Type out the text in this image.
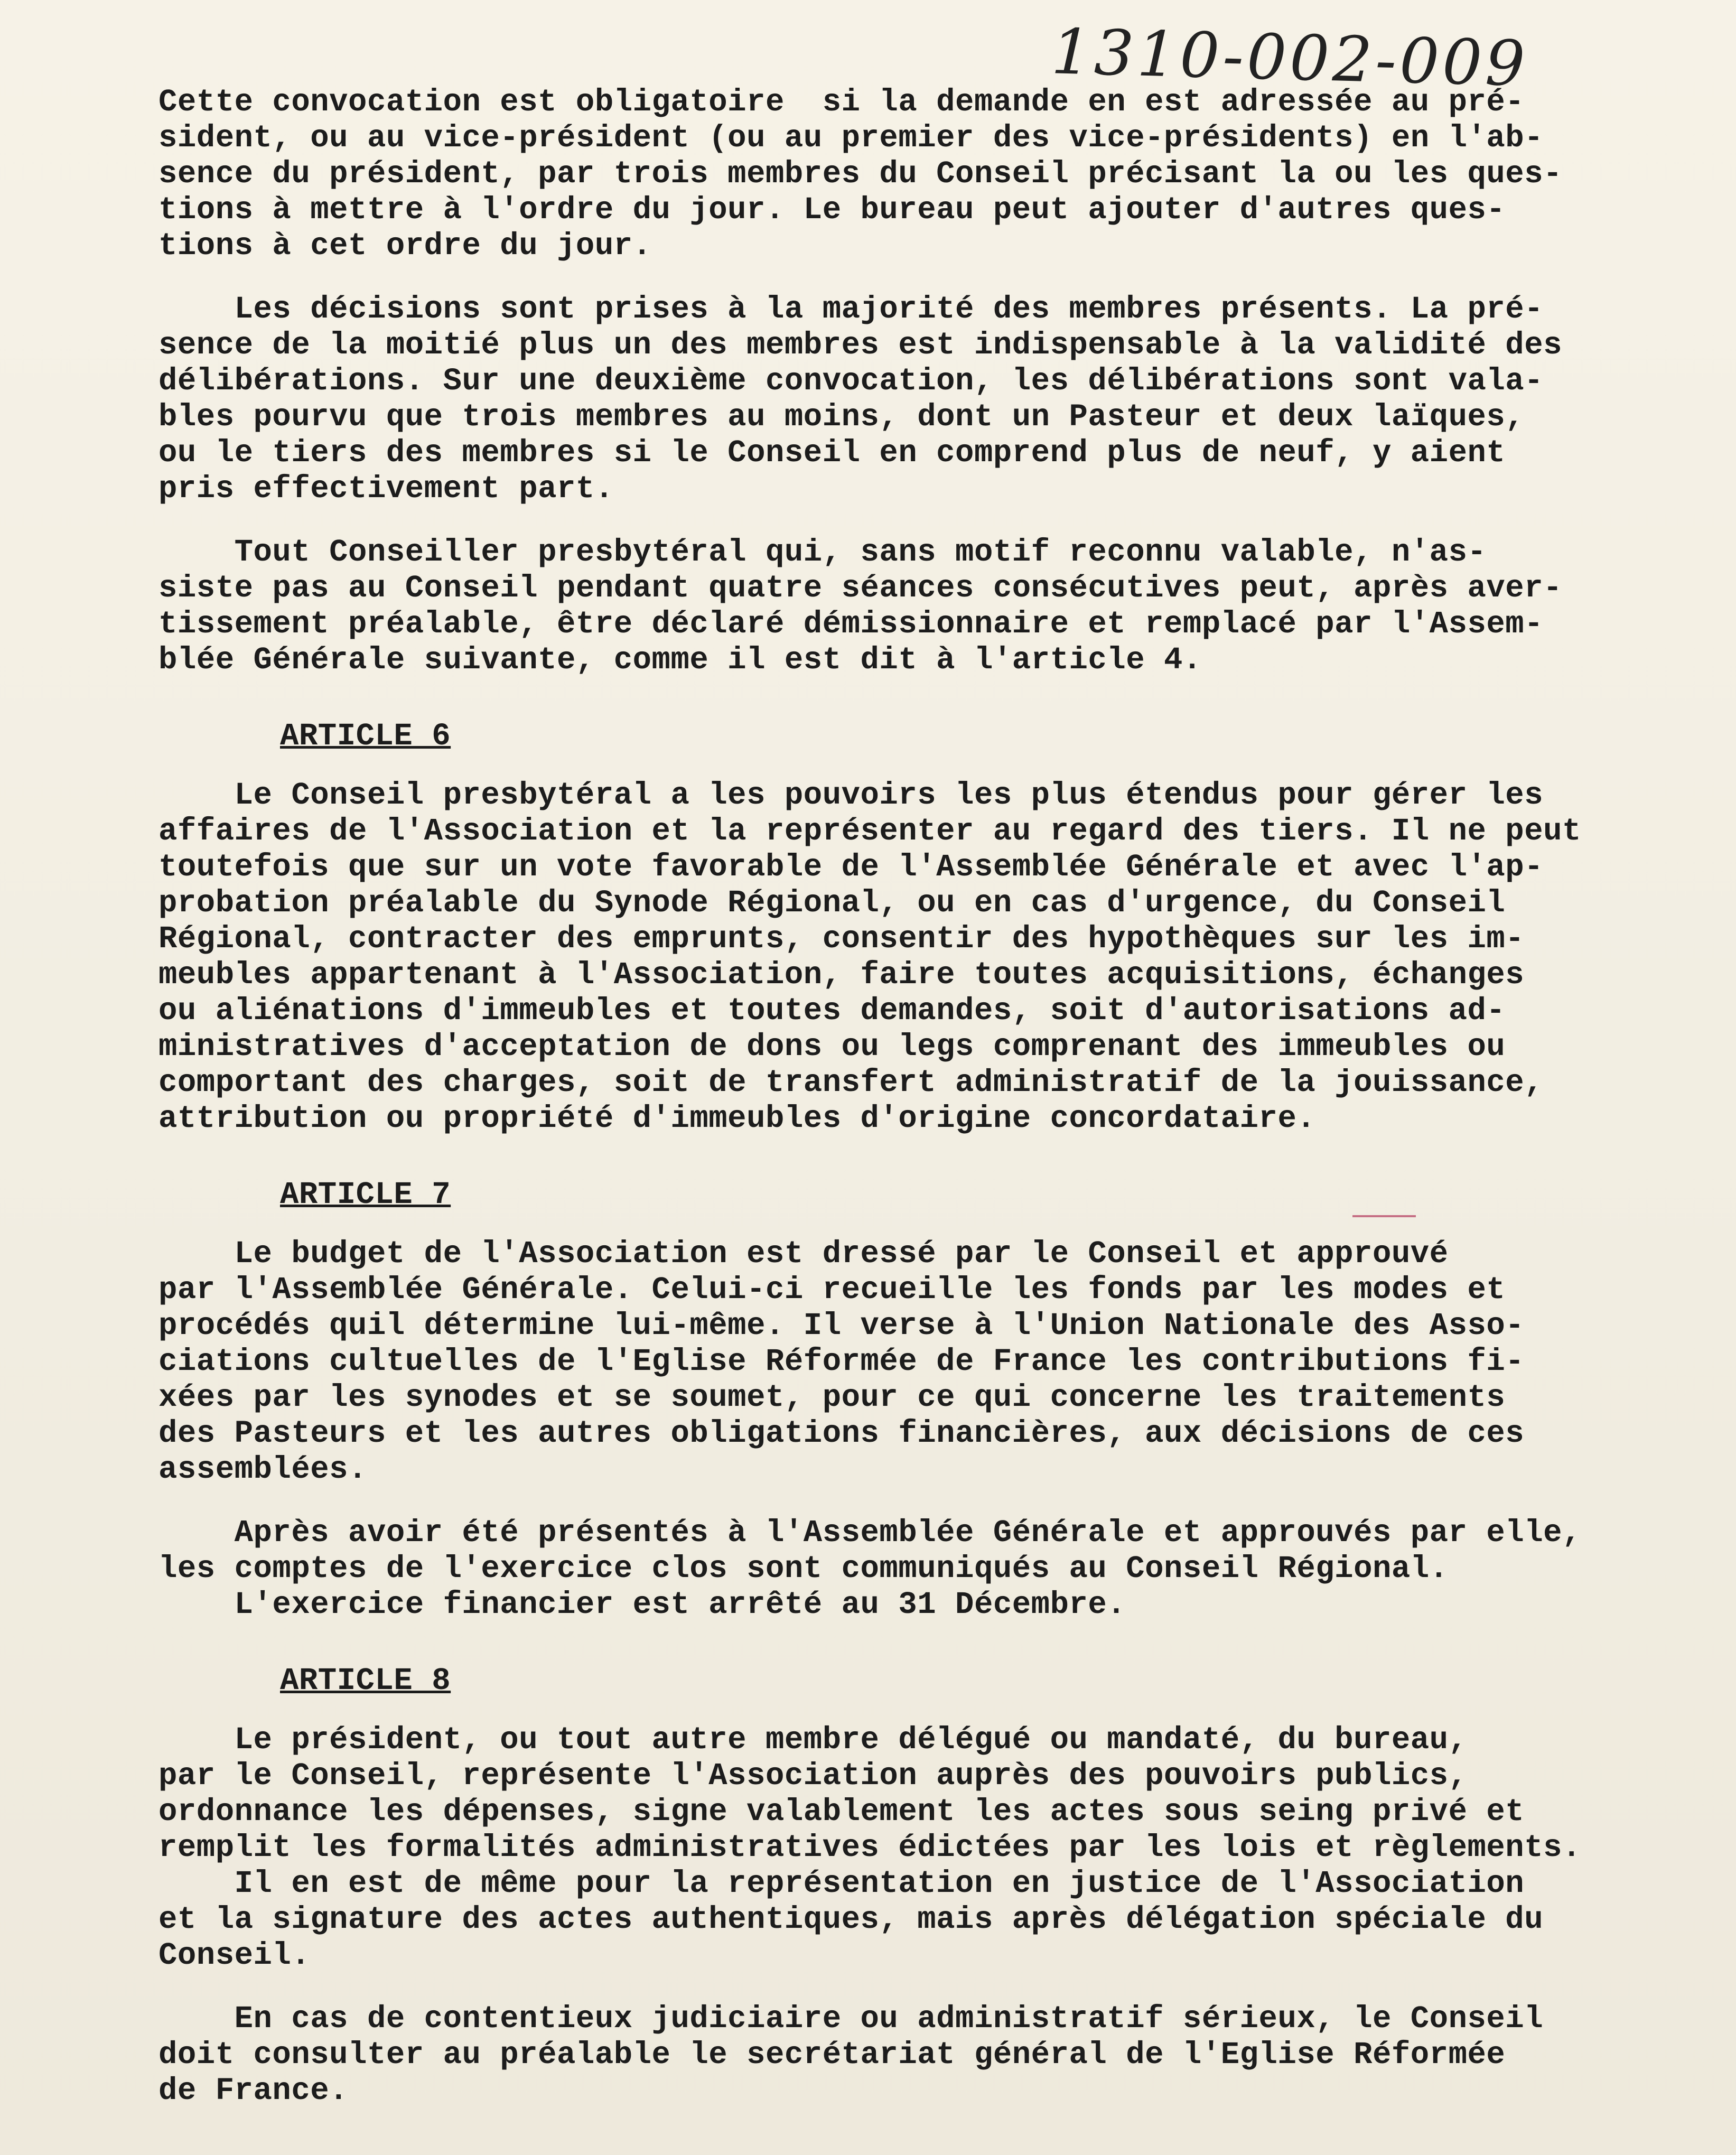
1310-002-009
Cette convocation est obligatoire  si la demande en est adressée au pré-
sident, ou au vice-président (ou au premier des vice-présidents) en l'ab-
sence du président, par trois membres du Conseil précisant la ou les ques-
tions à mettre à l'ordre du jour. Le bureau peut ajouter d'autres ques-
tions à cet ordre du jour.
Les décisions sont prises à la majorité des membres présents. La pré-
sence de la moitié plus un des membres est indispensable à la validité des
délibérations. Sur une deuxième convocation, les délibérations sont vala-
bles pourvu que trois membres au moins, dont un Pasteur et deux laïques,
ou le tiers des membres si le Conseil en comprend plus de neuf, y aient
pris effectivement part.
Tout Conseiller presbytéral qui, sans motif reconnu valable, n'as-
siste pas au Conseil pendant quatre séances consécutives peut, après aver-
tissement préalable, être déclaré démissionnaire et remplacé par l'Assem-
blée Générale suivante, comme il est dit à l'article 4.
ARTICLE 6
Le Conseil presbytéral a les pouvoirs les plus étendus pour gérer les
affaires de l'Association et la représenter au regard des tiers. Il ne peut
toutefois que sur un vote favorable de l'Assemblée Générale et avec l'ap-
probation préalable du Synode Régional, ou en cas d'urgence, du Conseil
Régional, contracter des emprunts, consentir des hypothèques sur les im-
meubles appartenant à l'Association, faire toutes acquisitions, échanges
ou aliénations d'immeubles et toutes demandes, soit d'autorisations ad-
ministratives d'acceptation de dons ou legs comprenant des immeubles ou
comportant des charges, soit de transfert administratif de la jouissance,
attribution ou propriété d'immeubles d'origine concordataire.
ARTICLE 7
Le budget de l'Association est dressé par le Conseil et approuvé
par l'Assemblée Générale. Celui-ci recueille les fonds par les modes et
procédés quil détermine lui-même. Il verse à l'Union Nationale des Asso-
ciations cultuelles de l'Eglise Réformée de France les contributions fi-
xées par les synodes et se soumet, pour ce qui concerne les traitements
des Pasteurs et les autres obligations financières, aux décisions de ces
assemblées.
Après avoir été présentés à l'Assemblée Générale et approuvés par elle,
les comptes de l'exercice clos sont communiqués au Conseil Régional.
L'exercice financier est arrêté au 31 Décembre.
ARTICLE 8
Le président, ou tout autre membre délégué ou mandaté, du bureau,
par le Conseil, représente l'Association auprès des pouvoirs publics,
ordonnance les dépenses, signe valablement les actes sous seing privé et
remplit les formalités administratives édictées par les lois et règlements.
Il en est de même pour la représentation en justice de l'Association
et la signature des actes authentiques, mais après délégation spéciale du
Conseil.
En cas de contentieux judiciaire ou administratif sérieux, le Conseil
doit consulter au préalable le secrétariat général de l'Eglise Réformée
de France.
